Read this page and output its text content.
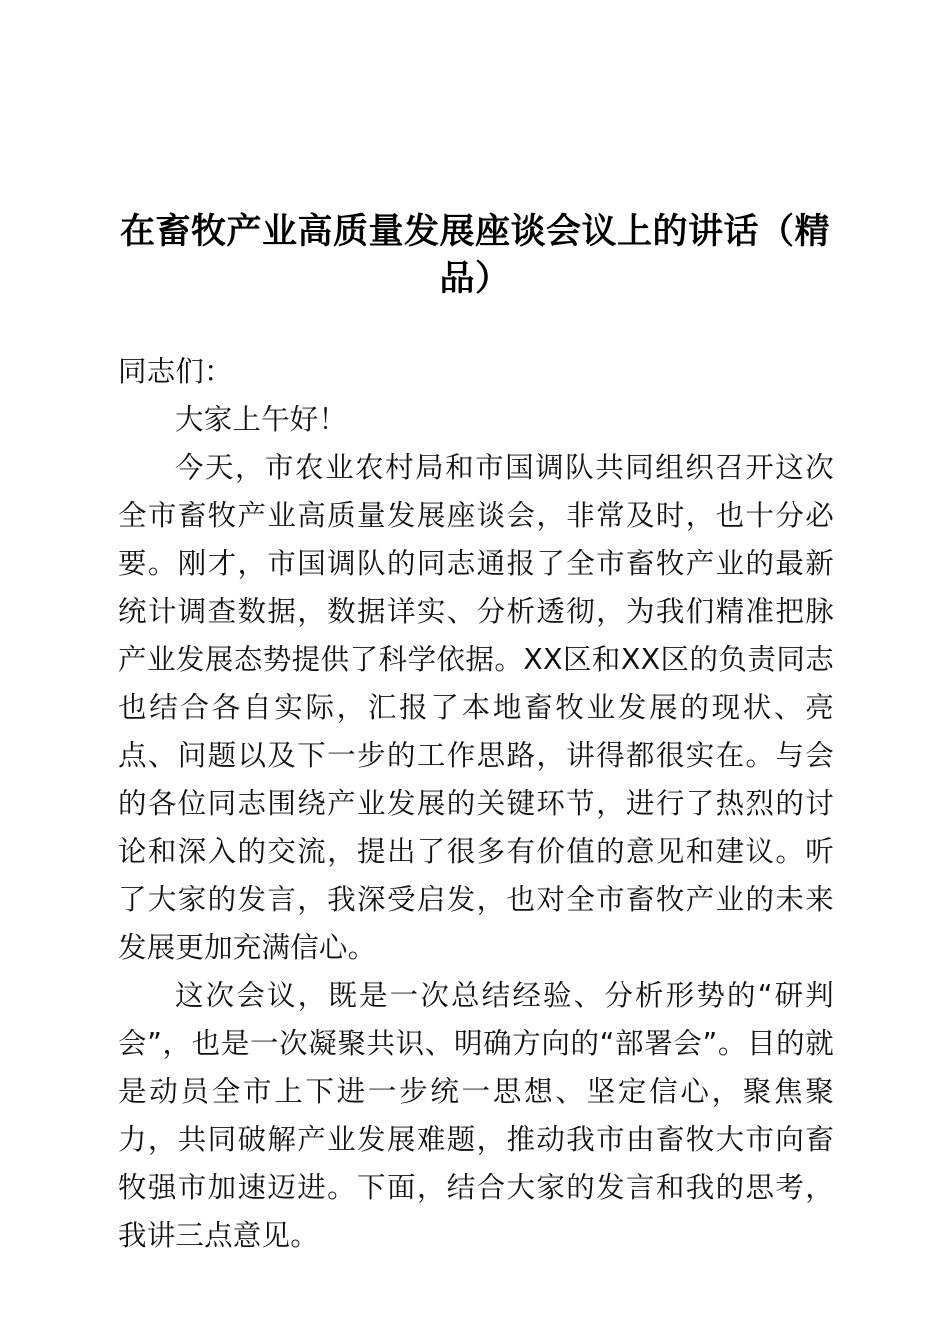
在畜牧产业高质量发展座谈会议上的讲话（精品）

同志们：

大家上午好！

今天，市农业农村局和市国调队共同组织召开这次全市畜牧产业高质量发展座谈会，非常及时，也十分必要。刚才，市国调队的同志通报了全市畜牧产业的最新统计调查数据，数据详实、分析透彻，为我们精准把脉产业发展态势提供了科学依据。XX区和XX区的负责同志也结合各自实际，汇报了本地畜牧业发展的现状、亮点、问题以及下一步的工作思路，讲得都很实在。与会的各位同志围绕产业发展的关键环节，进行了热烈的讨论和深入的交流，提出了很多有价值的意见和建议。听了大家的发言，我深受启发，也对全市畜牧产业的未来发展更加充满信心。

这次会议，既是一次总结经验、分析形势的“研判会”，也是一次凝聚共识、明确方向的“部署会”。目的就是动员全市上下进一步统一思想、坚定信心，聚焦聚力，共同破解产业发展难题，推动我市由畜牧大市向畜牧强市加速迈进。下面，结合大家的发言和我的思考，我讲三点意见。
